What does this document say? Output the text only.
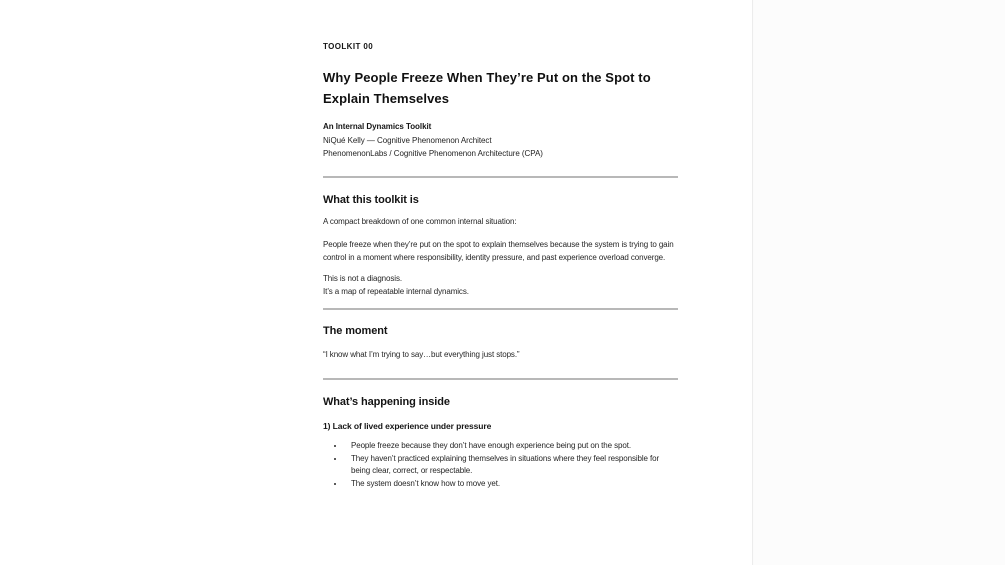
TOOLKIT 00
Why People Freeze When They’re Put on the Spot to Explain Themselves
An Internal Dynamics Toolkit
NiQué Kelly — Cognitive Phenomenon Architect
PhenomenonLabs / Cognitive Phenomenon Architecture (CPA)
What this toolkit is
A compact breakdown of one common internal situation:
People freeze when they’re put on the spot to explain themselves because the system is trying to gain control in a moment where responsibility, identity pressure, and past experience overload converge.
This is not a diagnosis.
It’s a map of repeatable internal dynamics.
The moment
“I know what I’m trying to say…but everything just stops.”
What’s happening inside
1) Lack of lived experience under pressure
• People freeze because they don’t have enough experience being put on the spot.
• They haven’t practiced explaining themselves in situations where they feel responsible for being clear, correct, or respectable.
• The system doesn’t know how to move yet.
